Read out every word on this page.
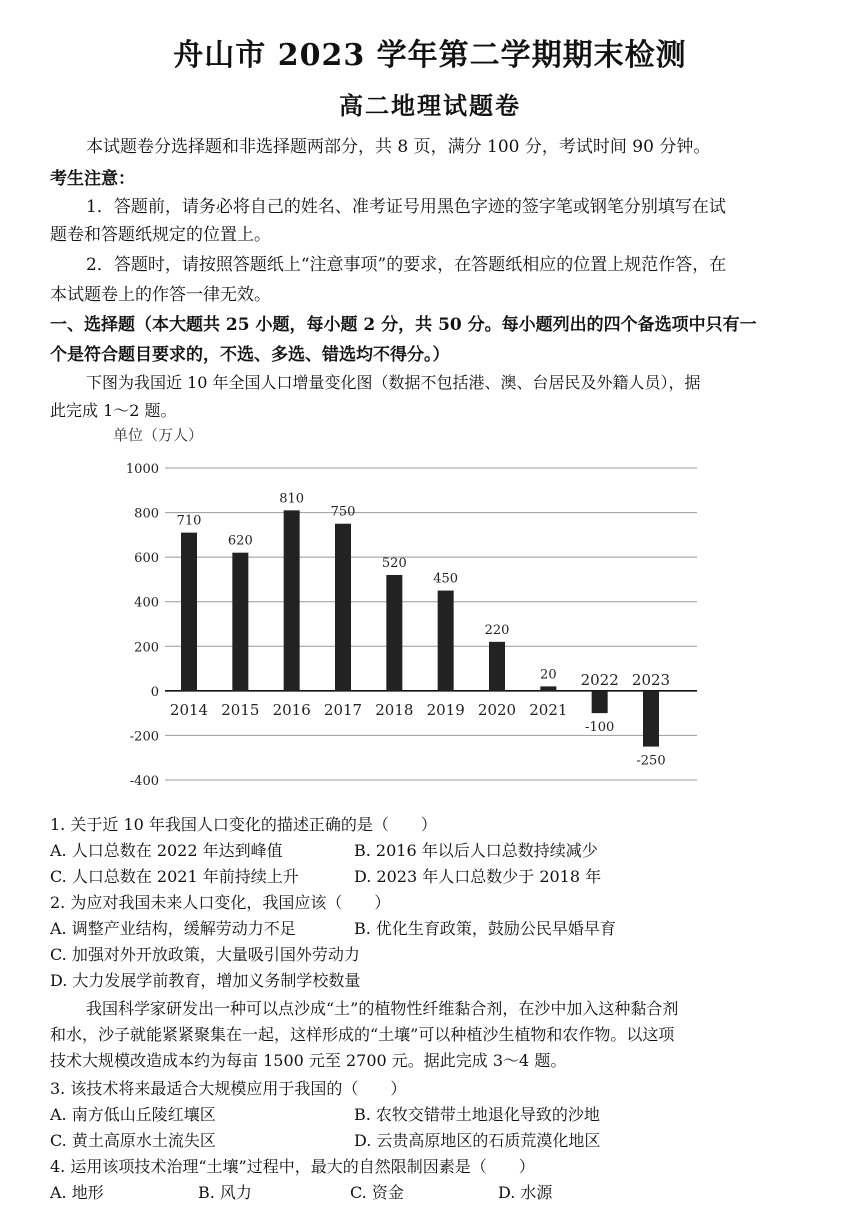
舟山市 2023 学年第二学期期末检测
高二地理试题卷
本试题卷分选择题和非选择题两部分，共 8 页，满分 100 分，考试时间 90 分钟。
考生注意：
1．答题前，请务必将自己的姓名、准考证号用黑色字迹的签字笔或钢笔分别填写在试
题卷和答题纸规定的位置上。
2．答题时，请按照答题纸上“注意事项”的要求，在答题纸相应的位置上规范作答，在
本试题卷上的作答一律无效。
一、选择题（本大题共 25 小题，每小题 2 分，共 50 分。每小题列出的四个备选项中只有一
个是符合题目要求的，不选、多选、错选均不得分。）
下图为我国近 10 年全国人口增量变化图（数据不包括港、澳、台居民及外籍人员），据
此完成 1～2 题。
1000
800
600
400
200
0
-200
-400
710
2014
620
2015
810
2016
750
2017
520
2018
450
2019
220
2020
20
2021
-100
2022
-250
2023
单位（万人）
1. 关于近 10 年我国人口变化的描述正确的是（　　）
A. 人口总数在 2022 年达到峰值	B. 2016 年以后人口总数持续减少
C. 人口总数在 2021 年前持续上升	D. 2023 年人口总数少于 2018 年
2. 为应对我国未来人口变化，我国应该（　　）
A. 调整产业结构，缓解劳动力不足	B. 优化生育政策，鼓励公民早婚早育
C. 加强对外开放政策，大量吸引国外劳动力
D. 大力发展学前教育，增加义务制学校数量
我国科学家研发出一种可以点沙成“土”的植物性纤维黏合剂，在沙中加入这种黏合剂
和水，沙子就能紧紧聚集在一起，这样形成的“土壤”可以种植沙生植物和农作物。以这项
技术大规模改造成本约为每亩 1500 元至 2700 元。据此完成 3～4 题。
3. 该技术将来最适合大规模应用于我国的（　　）
A. 南方低山丘陵红壤区	B. 农牧交错带土地退化导致的沙地
C. 黄土高原水土流失区	D. 云贵高原地区的石质荒漠化地区
4. 运用该项技术治理“土壤”过程中，最大的自然限制因素是（　　）
A. 地形	B. 风力	C. 资金	D. 水源
